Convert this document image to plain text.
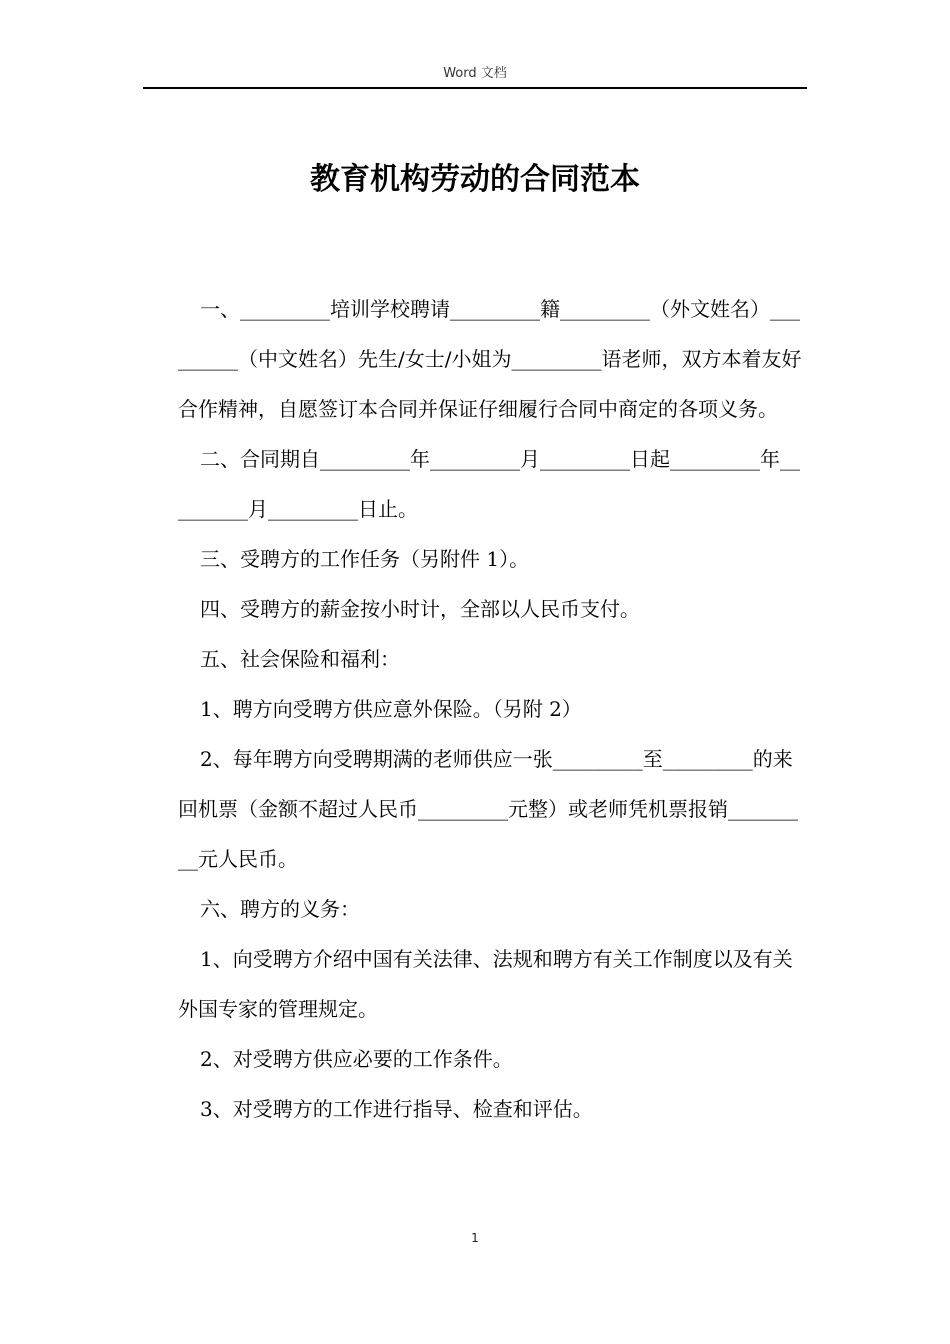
Word 文档
教育机构劳动的合同范本

一、_________培训学校聘请_________籍_________（外文姓名）_________（中文姓名）先生/女士/小姐为_________语老师，双方本着友好合作精神，自愿签订本合同并保证仔细履行合同中商定的各项义务。

二、合同期自_________年_________月_________日起_________年_________月_________日止。

三、受聘方的工作任务（另附件 1）。

四、受聘方的薪金按小时计，全部以人民币支付。

五、社会保险和福利：

1、聘方向受聘方供应意外保险。（另附 2）

2、每年聘方向受聘期满的老师供应一张_________至_________的来回机票（金额不超过人民币_________元整）或老师凭机票报销_________元人民币。

六、聘方的义务：

1、向受聘方介绍中国有关法律、法规和聘方有关工作制度以及有关外国专家的管理规定。

2、对受聘方供应必要的工作条件。

3、对受聘方的工作进行指导、检查和评估。

1
